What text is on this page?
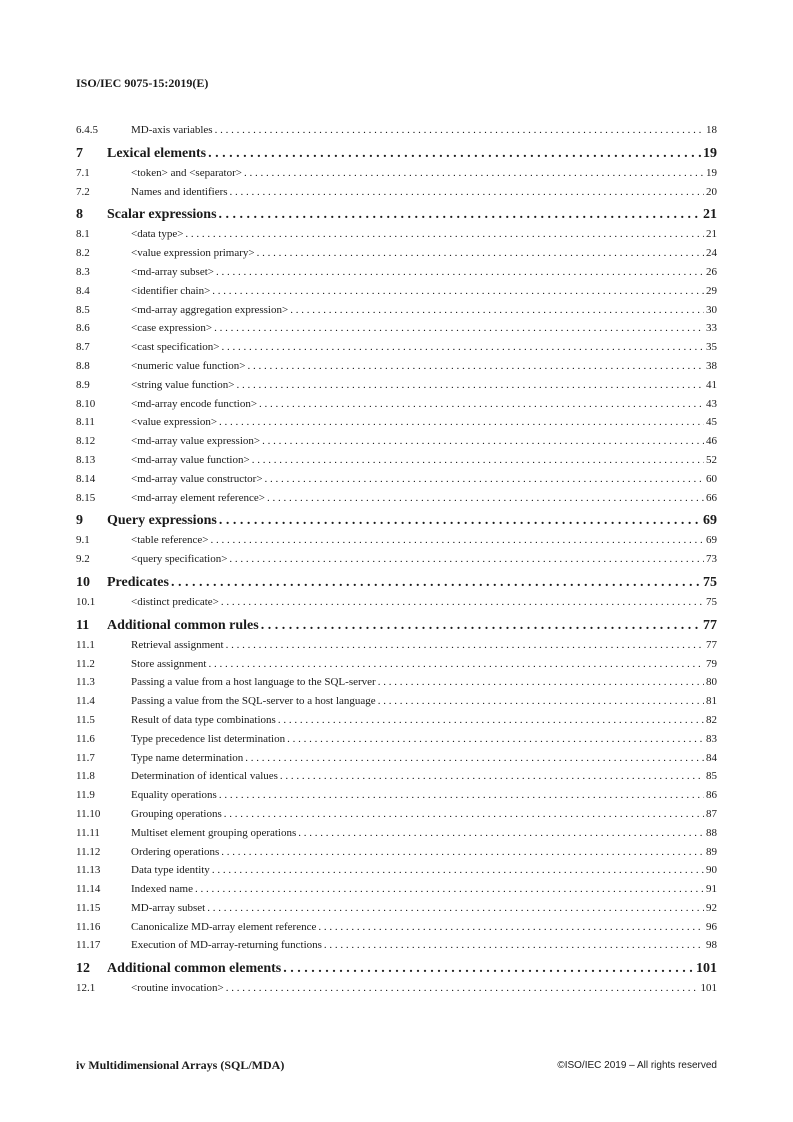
ISO/IEC 9075-15:2019(E)
6.4.5	MD-axis variables . . .	18
7	Lexical elements . . .	19
7.1	<token> and <separator> . . .	19
7.2	Names and identifiers . . .	20
8	Scalar expressions . . .	21
8.1	<data type> . . .	21
8.2	<value expression primary> . . .	24
8.3	<md-array subset> . . .	26
8.4	<identifier chain> . . .	29
8.5	<md-array aggregation expression> . . .	30
8.6	<case expression> . . .	33
8.7	<cast specification> . . .	35
8.8	<numeric value function> . . .	38
8.9	<string value function> . . .	41
8.10	<md-array encode function> . . .	43
8.11	<value expression> . . .	45
8.12	<md-array value expression> . . .	46
8.13	<md-array value function> . . .	52
8.14	<md-array value constructor> . . .	60
8.15	<md-array element reference> . . .	66
9	Query expressions . . .	69
9.1	<table reference> . . .	69
9.2	<query specification> . . .	73
10	Predicates . . .	75
10.1	<distinct predicate> . . .	75
11	Additional common rules . . .	77
11.1	Retrieval assignment . . .	77
11.2	Store assignment . . .	79
11.3	Passing a value from a host language to the SQL-server . . .	80
11.4	Passing a value from the SQL-server to a host language . . .	81
11.5	Result of data type combinations . . .	82
11.6	Type precedence list determination . . .	83
11.7	Type name determination . . .	84
11.8	Determination of identical values . . .	85
11.9	Equality operations . . .	86
11.10	Grouping operations . . .	87
11.11	Multiset element grouping operations . . .	88
11.12	Ordering operations . . .	89
11.13	Data type identity . . .	90
11.14	Indexed name . . .	91
11.15	MD-array subset . . .	92
11.16	Canonicalize MD-array element reference . . .	96
11.17	Execution of MD-array-returning functions . . .	98
12	Additional common elements . . .	101
12.1	<routine invocation> . . .	101
iv Multidimensional Arrays (SQL/MDA)	©ISO/IEC 2019 – All rights reserved
